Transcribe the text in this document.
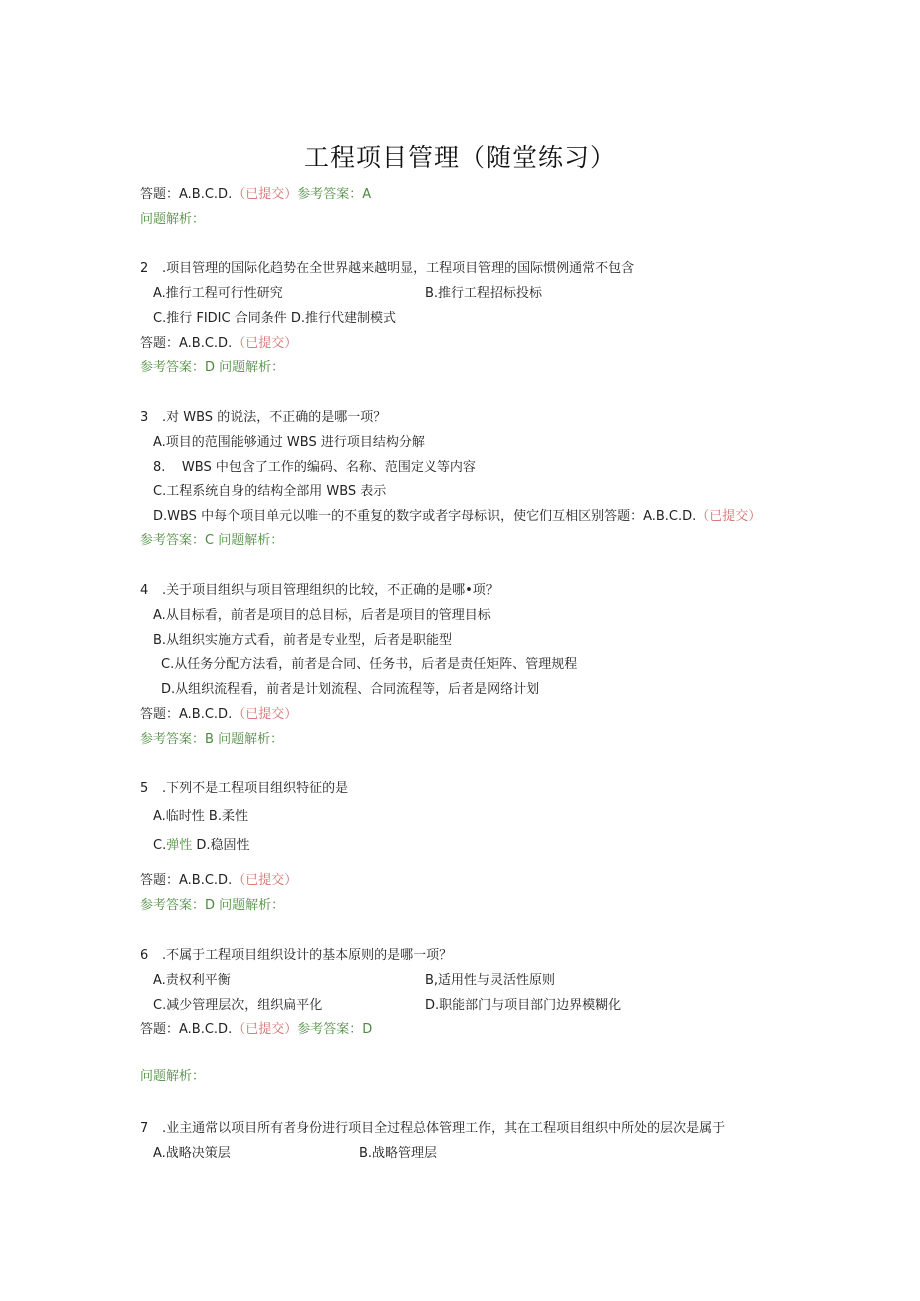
工程项目管理（随堂练习）
答题：A.B.C.D.（已提交）参考答案：A
问题解析：
2 .项目管理的国际化趋势在全世界越来越明显，工程项目管理的国际惯例通常不包含
A.推行工程可行性研究	B.推行工程招标投标
C.推行 FIDIC 合同条件 D.推行代建制模式
答题：A.B.C.D.（已提交）
参考答案：D 问题解析：
3 .对 WBS 的说法，不正确的是哪一项？
A.项目的范围能够通过 WBS 进行项目结构分解
8.    WBS 中包含了工作的编码、名称、范围定义等内容
C.工程系统自身的结构全部用 WBS 表示
D.WBS 中每个项目单元以唯一的不重复的数字或者字母标识，使它们互相区别答题：A.B.C.D.（已提交）
参考答案：C 问题解析：
4 .关于项目组织与项目管理组织的比较，不正确的是哪•项？
A.从目标看，前者是项目的总目标，后者是项目的管理目标
B.从组织实施方式看，前者是专业型，后者是职能型
C.从任务分配方法看，前者是合同、任务书，后者是责任矩阵、管理规程
D.从组织流程看，前者是计划流程、合同流程等，后者是网络计划
答题：A.B.C.D.（已提交）
参考答案：B 问题解析：
5 .下列不是工程项目组织特征的是
A.临时性 B.柔性
C.弹性 D.稳固性
答题：A.B.C.D.（已提交）
参考答案：D 问题解析：
6 .不属于工程项目组织设计的基本原则的是哪一项？
A.责权利平衡	B,适用性与灵活性原则
C.减少管理层次，组织扁平化	D.职能部门与项目部门边界模糊化
答题：A.B.C.D.（已提交）参考答案：D
问题解析：
7 .业主通常以项目所有者身份进行项目全过程总体管理工作，其在工程项目组织中所处的层次是属于
A.战略决策层	B.战略管理层
